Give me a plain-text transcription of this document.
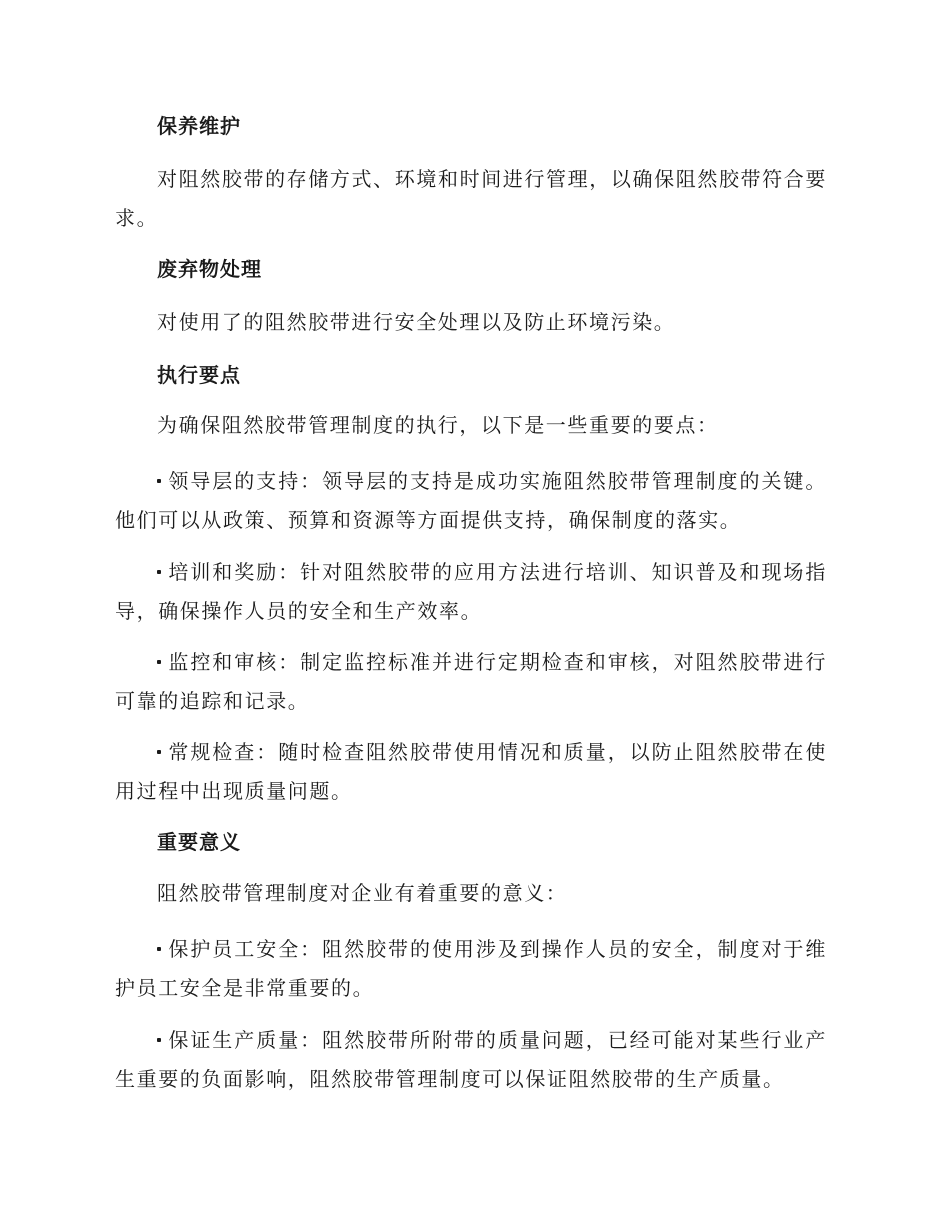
保养维护

对阻然胶带的存储方式、环境和时间进行管理，以确保阻然胶带符合要求。

废弃物处理

对使用了的阻然胶带进行安全处理以及防止环境污染。

执行要点

为确保阻然胶带管理制度的执行，以下是一些重要的要点：

领导层的支持：领导层的支持是成功实施阻然胶带管理制度的关键。他们可以从政策、预算和资源等方面提供支持，确保制度的落实。

培训和奖励：针对阻然胶带的应用方法进行培训、知识普及和现场指导，确保操作人员的安全和生产效率。

监控和审核：制定监控标准并进行定期检查和审核，对阻然胶带进行可靠的追踪和记录。

常规检查：随时检查阻然胶带使用情况和质量，以防止阻然胶带在使用过程中出现质量问题。

重要意义

阻然胶带管理制度对企业有着重要的意义：

保护员工安全：阻然胶带的使用涉及到操作人员的安全，制度对于维护员工安全是非常重要的。

保证生产质量：阻然胶带所附带的质量问题，已经可能对某些行业产生重要的负面影响，阻然胶带管理制度可以保证阻然胶带的生产质量。
